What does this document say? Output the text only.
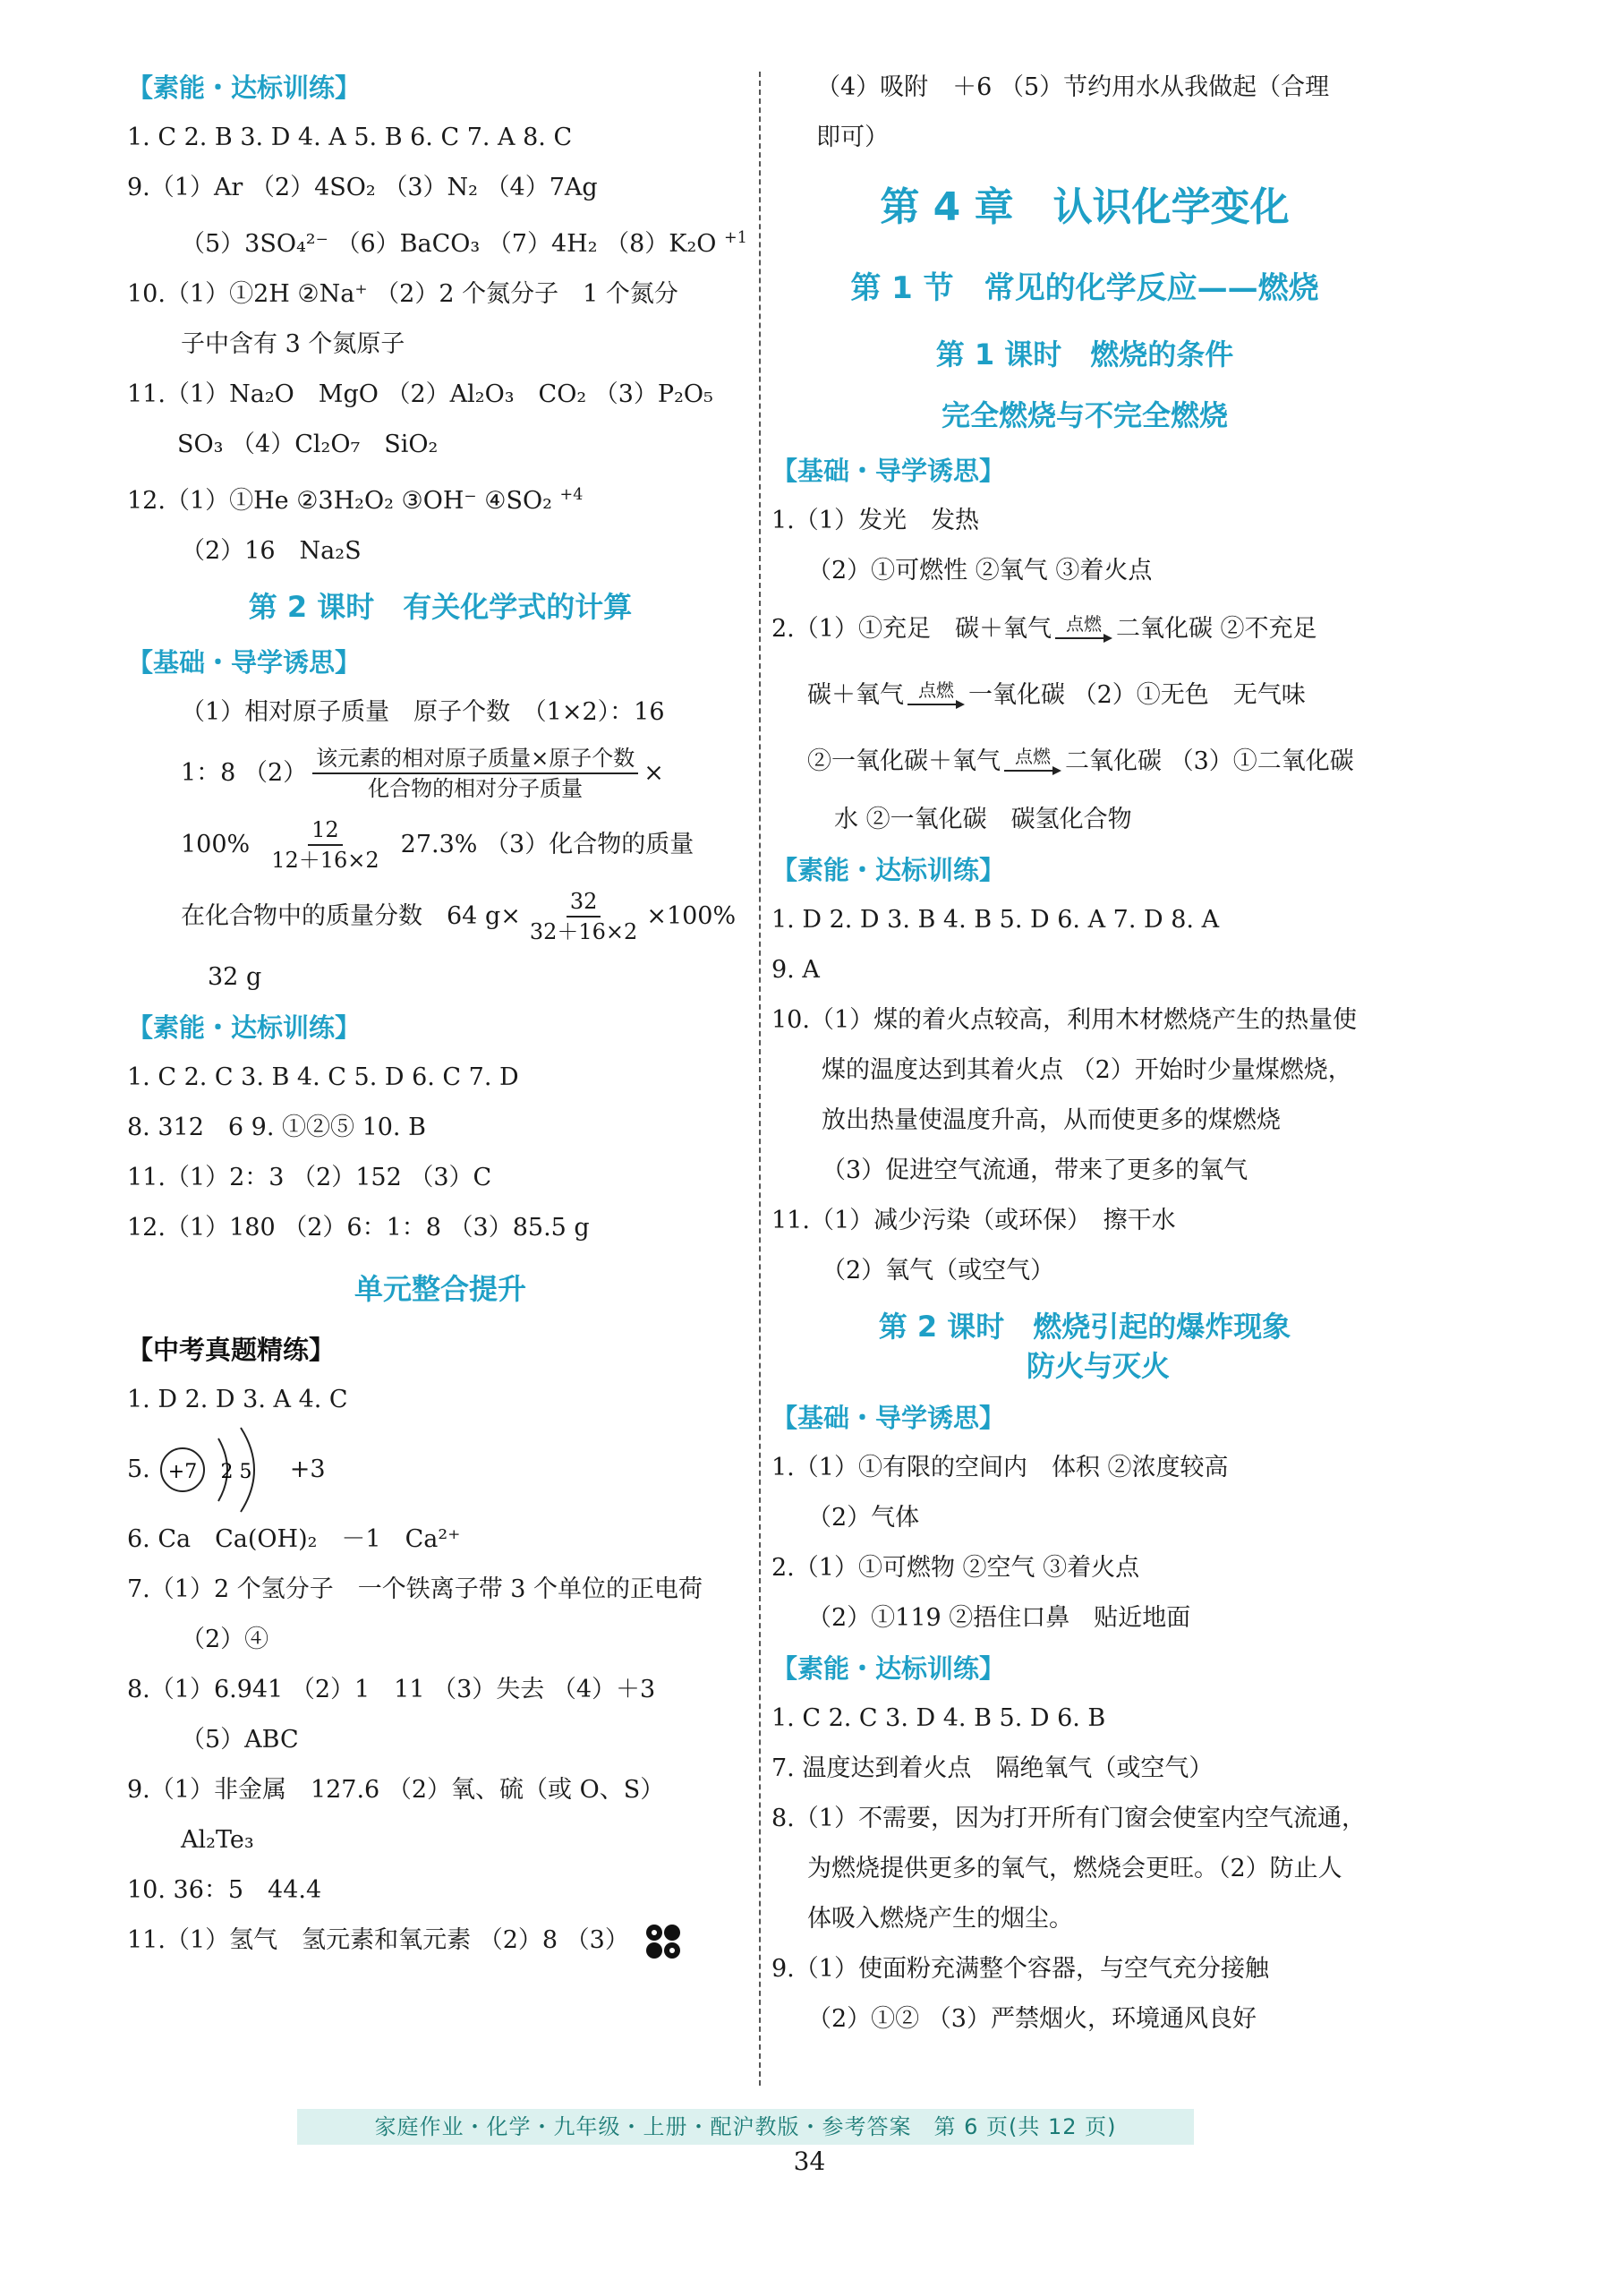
【素能・达标训练】
1. C 2. B 3. D 4. A 5. B 6. C 7. A 8. C
9.（1）Ar （2）4SO₂ （3）N₂ （4）7Ag
（5）3SO₄²⁻ （6）BaCO₃ （7）4H₂ （8）K₂O $^{+1}$
10.（1）①2H ②Na⁺ （2）2 个氮分子　1 个氮分
子中含有 3 个氮原子
11.（1）Na₂O　MgO （2）Al₂O₃　CO₂ （3）P₂O₅
SO₃ （4）Cl₂O₇　SiO₂
12.（1）①He ②3H₂O₂ ③OH⁻ ④SO₂ $^{+4}$
（2）16　Na₂S
第 2 课时　有关化学式的计算
【基础・导学诱思】
（1）相对原子质量　原子个数　（1×2）：16
1：8 $(2) \frac{\text{该元素的相对原子质量×原子个数}}{\text{化合物的相对分子质量}}$ ×
$100\% \frac{12}{12+16\times 2} 27.3\%$ （3）化合物的质量
在化合物中的质量分数　64 $g\times \frac{32}{32+16\times 2} \times 100\%$
32 g
【素能・达标训练】
1. C 2. C 3. B 4. C 5. D 6. C 7. D
8. 312　6 9. ①②⑤ 10. B
11.（1）2：3 （2）152 （3）C
12.（1）180 （2）6：1：8 （3）85.5 g
单元整合提升
【中考真题精练】
1. D 2. D 3. A 4. C
5. +7 2 5 +3
6. Ca　Ca(OH)₂　－1　Ca²⁺
7.（1）2 个氢分子　一个铁离子带 3 个单位的正电荷
（2）④
8.（1）6.941 （2）1　11 （3）失去 （4）＋3
（5）ABC
9.（1）非金属　127.6 （2）氧、硫（或 O、S）
Al₂Te₃
10. 36：5　44.4
11.（1）氢气　氢元素和氧元素 （2）8 （3）
（4）吸附　＋6 （5）节约用水从我做起（合理
即可）
第 4 章　认识化学变化
第 1 节　常见的化学反应——燃烧
第 1 课时　燃烧的条件
完全燃烧与不完全燃烧
【基础・导学诱思】
1.（1）发光　发热
（2）①可燃性 ②氧气 ③着火点
2.（1）①充足　碳＋氧气 点燃 二氧化碳 ②不充足
碳＋氧气 点燃 一氧化碳 （2）①无色　无气味
②一氧化碳＋氧气 点燃 二氧化碳 （3）①二氧化碳
水 ②一氧化碳　碳氢化合物
【素能・达标训练】
1. D 2. D 3. B 4. B 5. D 6. A 7. D 8. A
9. A
10.（1）煤的着火点较高，利用木材燃烧产生的热量使
煤的温度达到其着火点 （2）开始时少量煤燃烧，
放出热量使温度升高，从而使更多的煤燃烧
（3）促进空气流通，带来了更多的氧气
11.（1）减少污染（或环保）　擦干水
（2）氧气（或空气）
第 2 课时　燃烧引起的爆炸现象
防火与灭火
【基础・导学诱思】
1.（1）①有限的空间内　体积 ②浓度较高
（2）气体
2.（1）①可燃物 ②空气 ③着火点
（2）①119 ②捂住口鼻　贴近地面
【素能・达标训练】
1. C 2. C 3. D 4. B 5. D 6. B
7. 温度达到着火点　隔绝氧气（或空气）
8.（1）不需要，因为打开所有门窗会使室内空气流通，
为燃烧提供更多的氧气，燃烧会更旺。（2）防止人
体吸入燃烧产生的烟尘。
9.（1）使面粉充满整个容器，与空气充分接触
（2）①② （3）严禁烟火，环境通风良好
家庭作业・化学・九年级・上册・配沪教版・参考答案　第 6 页(共 12 页)
34
